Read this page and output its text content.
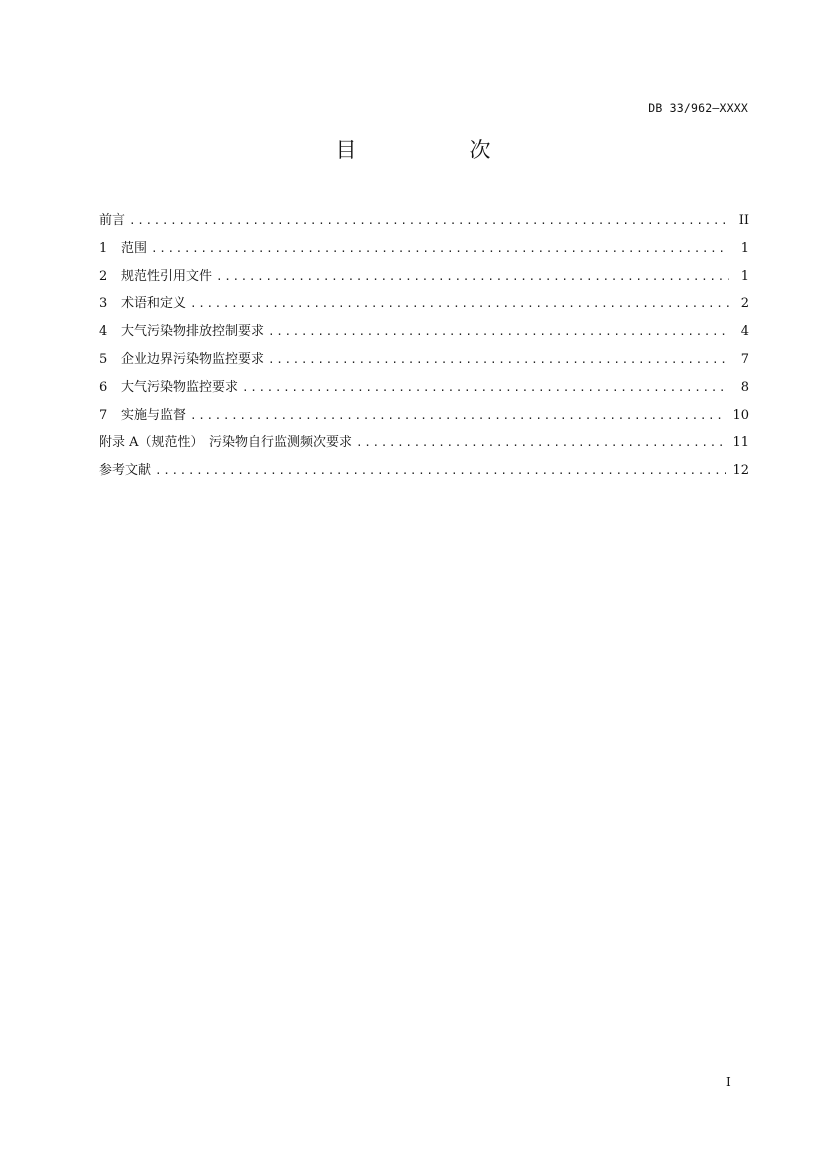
DB 33/962—XXXX
目　次
前言 .....	II
1	范围 .....	1
2	规范性引用文件 .....	1
3	术语和定义 .....	2
4	大气污染物排放控制要求 .....	4
5	企业边界污染物监控要求 .....	7
6	大气污染物监控要求 .....	8
7	实施与监督 .....	10
附录 A（规范性） 污染物自行监测频次要求 .....	11
参考文献 .....	12
I
